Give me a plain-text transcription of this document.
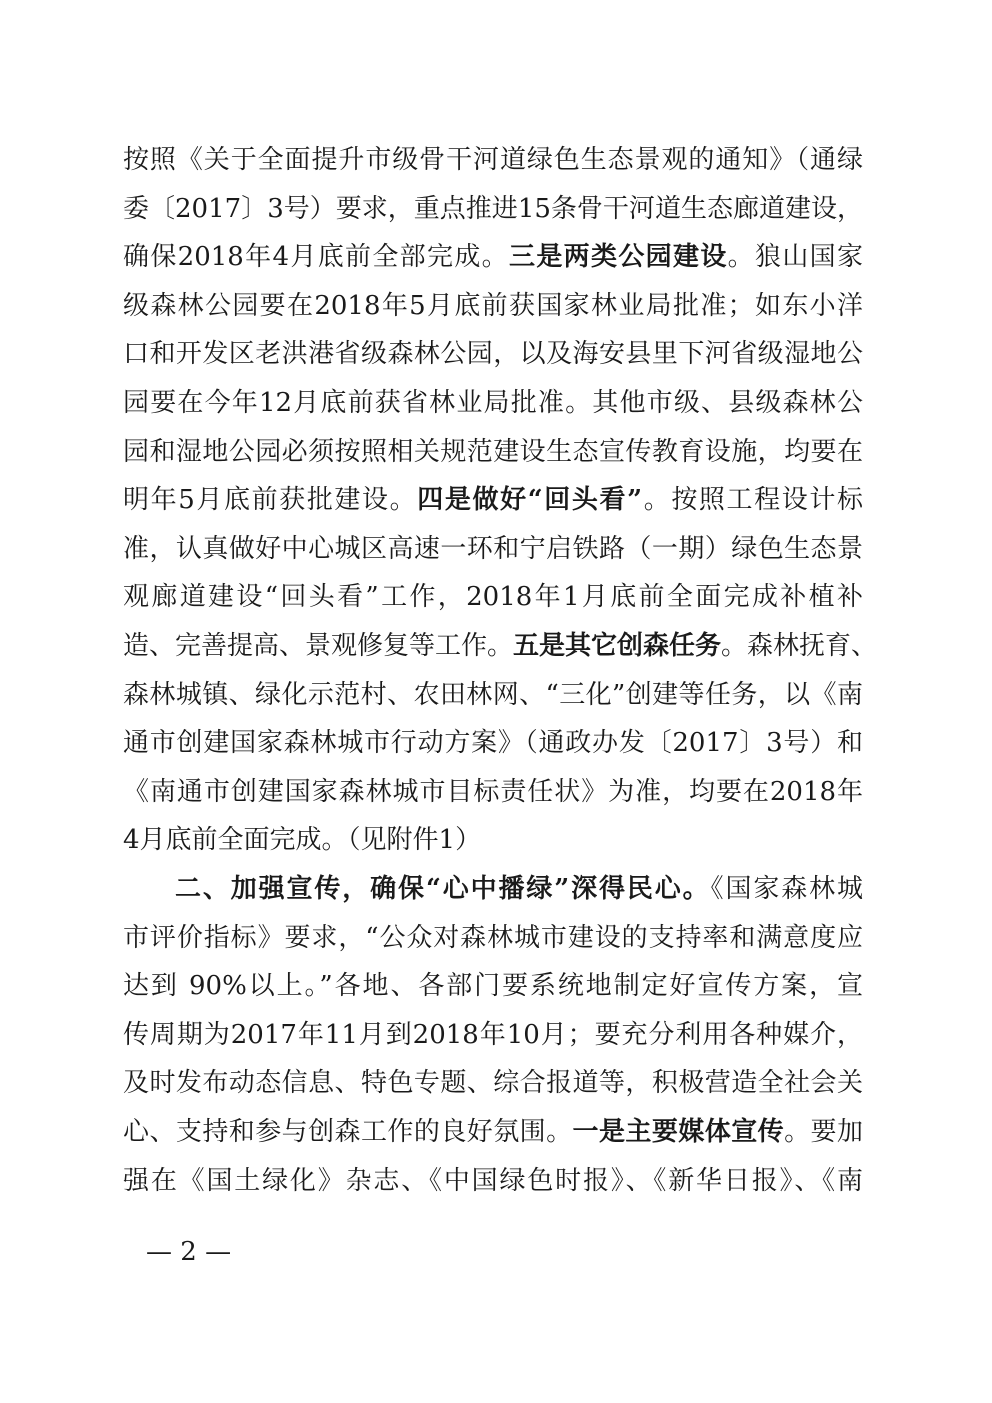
按照《关于全面提升市级骨干河道绿色生态景观的通知》（通绿
委〔2017〕3号）要求，重点推进15条骨干河道生态廊道建设，
确保2018年4月底前全部完成。三是两类公园建设。狼山国家
级森林公园要在2018年5月底前获国家林业局批准；如东小洋
口和开发区老洪港省级森林公园，以及海安县里下河省级湿地公
园要在今年12月底前获省林业局批准。其他市级、县级森林公
园和湿地公园必须按照相关规范建设生态宣传教育设施，均要在
明年5月底前获批建设。四是做好“回头看”。按照工程设计标
准，认真做好中心城区高速一环和宁启铁路（一期）绿色生态景
观廊道建设“回头看”工作，2018年1月底前全面完成补植补
造、完善提高、景观修复等工作。五是其它创森任务。森林抚育、
森林城镇、绿化示范村、农田林网、“三化”创建等任务，以《南
通市创建国家森林城市行动方案》（通政办发〔2017〕3号）和
《南通市创建国家森林城市目标责任状》为准，均要在2018年
4月底前全面完成。（见附件1）
二、加强宣传，确保“心中播绿”深得民心。《国家森林城
市评价指标》要求，“公众对森林城市建设的支持率和满意度应
达到 90%以上。”各地、各部门要系统地制定好宣传方案，宣
传周期为2017年11月到2018年10月；要充分利用各种媒介，
及时发布动态信息、特色专题、综合报道等，积极营造全社会关
心、支持和参与创森工作的良好氛围。一是主要媒体宣传。要加
强在《国土绿化》杂志、《中国绿色时报》、《新华日报》、《南
— 2 —
